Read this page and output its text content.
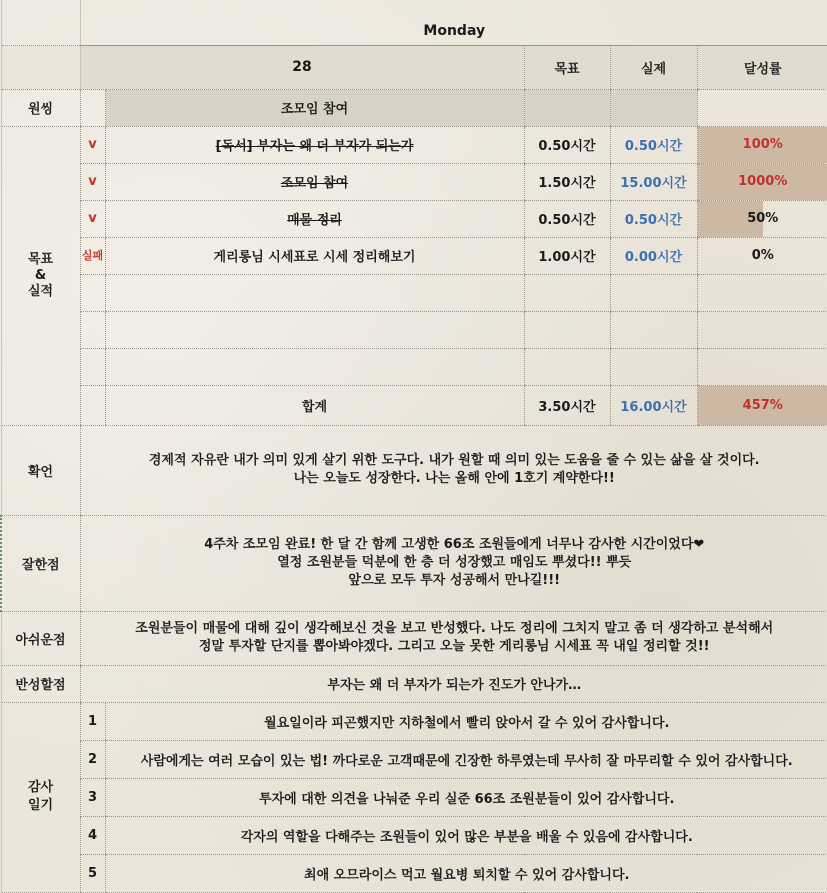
	Monday				
	28		목표	실제	달성률
원씽		조모임 참여			
목표
&
실적	v	[독서] 부자는 왜 더 부자가 되는가	0.50시간	0.50시간	100%
	v	조모임 참여	1.50시간	15.00시간	1000%
	v	매물 정리	0.50시간	0.50시간	50%
	실패	게리롱님 시세표로 시세 정리해보기	1.00시간	0.00시간	0%

		합계	3.50시간	16.00시간	457%
확언	경제적 자유란 내가 의미 있게 살기 위한 도구다. 내가 원할 때 의미 있는 도움을 줄 수 있는 삶을 살 것이다.
나는 오늘도 성장한다. 나는 올해 안에 1호기 계약한다!!				

잘한점	4주차 조모임 완료! 한 달 간 함께 고생한 66조 조원들에게 너무나 감사한 시간이었다❤
열정 조원분들 덕분에 한 층 더 성장했고 매임도 뿌셨다!! 뿌듯
앞으로 모두 투자 성공해서 만나길!!!				

아쉬운점	조원분들이 매물에 대해 깊이 생각해보신 것을 보고 반성했다. 나도 정리에 그치지 말고 좀 더 생각하고 분석해서
정말 투자할 단지를 뽑아봐야겠다. 그리고 오늘 못한 게리롱님 시세표 꼭 내일 정리할 것!!				

반성할점	부자는 왜 더 부자가 되는가 진도가 안나가…				
감사
일기	1	월요일이라 피곤했지만 지하철에서 빨리 앉아서 갈 수 있어 감사합니다.			
	2	사람에게는 여러 모습이 있는 법! 까다로운 고객때문에 긴장한 하루였는데 무사히 잘 마무리할 수 있어 감사합니다.			
	3	투자에 대한 의견을 나눠준 우리 실준 66조 조원분들이 있어 감사합니다.			
	4	각자의 역할을 다해주는 조원들이 있어 많은 부분을 배울 수 있음에 감사합니다.			
	5	최애 오므라이스 먹고 월요병 퇴치할 수 있어 감사합니다.			
